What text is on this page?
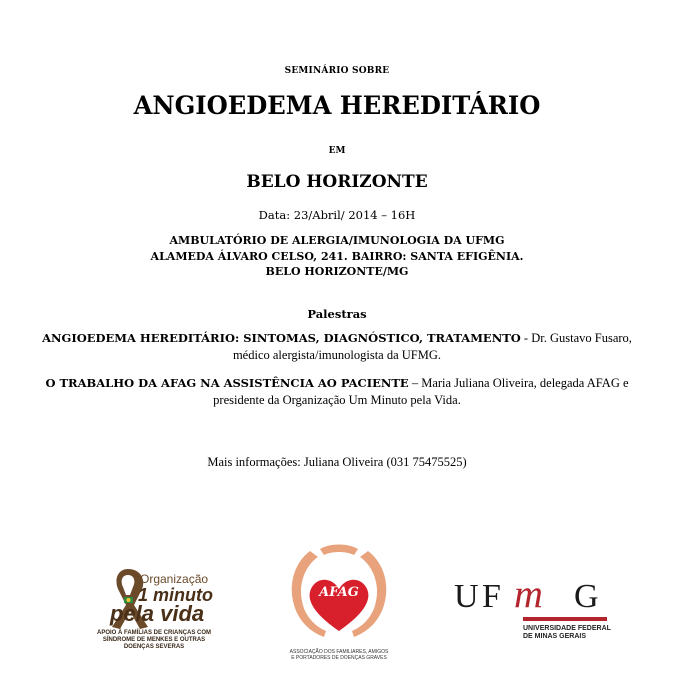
SEMINÁRIO SOBRE
ANGIOEDEMA HEREDITÁRIO
EM
BELO HORIZONTE
Data: 23/Abril/ 2014 – 16H
AMBULATÓRIO DE ALERGIA/IMUNOLOGIA DA UFMG
ALAMEDA ÁLVARO CELSO, 241. BAIRRO: SANTA EFIGÊNIA.
BELO HORIZONTE/MG
Palestras
ANGIOEDEMA HEREDITÁRIO: SINTOMAS, DIAGNÓSTICO, TRATAMENTO - Dr. Gustavo Fusaro, médico alergista/imunologista da UFMG.
O TRABALHO DA AFAG NA ASSISTÊNCIA AO PACIENTE – Maria Juliana Oliveira, delegada AFAG e presidente da Organização Um Minuto pela Vida.
Mais informações: Juliana Oliveira (031 75475525)
Organização
1 minuto
pela vida
APOIO À FAMÍLIAS DE CRIANÇAS COM
SÍNDROME DE MENKES E OUTRAS
DOENÇAS SEVERAS
AFAG
ASSOCIAÇÃO DOS FAMILIARES, AMIGOS
E PORTADORES DE DOENÇAS GRAVES
U F m G
UNIVERSIDADE FEDERAL
DE MINAS GERAIS
